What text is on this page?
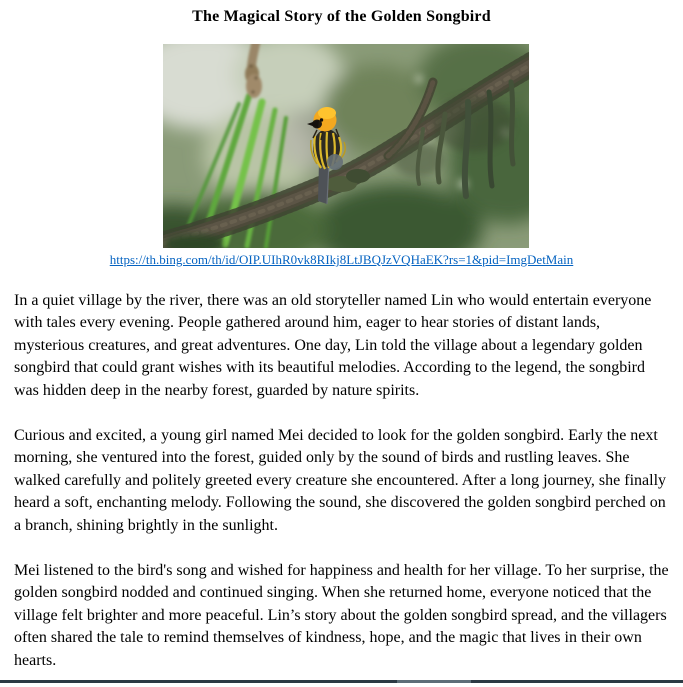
The Magical Story of the Golden Songbird
https://th.bing.com/th/id/OIP.UIhR0vk8RIkj8LtJBQJzVQHaEK?rs=1&pid=ImgDetMain

In a quiet village by the river, there was an old storyteller named Lin who would entertain everyone with tales every evening. People gathered around him, eager to hear stories of distant lands, mysterious creatures, and great adventures. One day, Lin told the village about a legendary golden songbird that could grant wishes with its beautiful melodies. According to the legend, the songbird was hidden deep in the nearby forest, guarded by nature spirits.

Curious and excited, a young girl named Mei decided to look for the golden songbird. Early the next morning, she ventured into the forest, guided only by the sound of birds and rustling leaves. She walked carefully and politely greeted every creature she encountered. After a long journey, she finally heard a soft, enchanting melody. Following the sound, she discovered the golden songbird perched on a branch, shining brightly in the sunlight.

Mei listened to the bird's song and wished for happiness and health for her village. To her surprise, the golden songbird nodded and continued singing. When she returned home, everyone noticed that the village felt brighter and more peaceful. Lin’s story about the golden songbird spread, and the villagers often shared the tale to remind themselves of kindness, hope, and the magic that lives in their own hearts.
